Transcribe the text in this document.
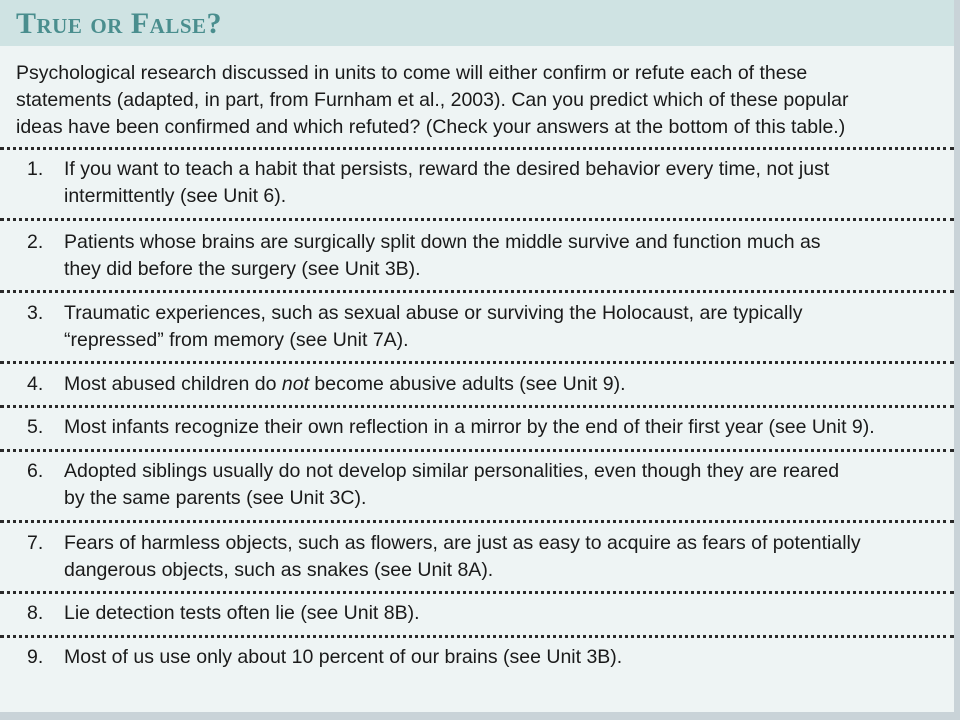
True or False?
Psychological research discussed in units to come will either confirm or refute each of these
statements (adapted, in part, from Furnham et al., 2003). Can you predict which of these popular
ideas have been confirmed and which refuted? (Check your answers at the bottom of this table.)
1. If you want to teach a habit that persists, reward the desired behavior every time, not just
intermittently (see Unit 6).
2. Patients whose brains are surgically split down the middle survive and function much as
they did before the surgery (see Unit 3B).
3. Traumatic experiences, such as sexual abuse or surviving the Holocaust, are typically
“repressed” from memory (see Unit 7A).
4. Most abused children do not become abusive adults (see Unit 9).
5. Most infants recognize their own reflection in a mirror by the end of their first year (see Unit 9).
6. Adopted siblings usually do not develop similar personalities, even though they are reared
by the same parents (see Unit 3C).
7. Fears of harmless objects, such as flowers, are just as easy to acquire as fears of potentially
dangerous objects, such as snakes (see Unit 8A).
8. Lie detection tests often lie (see Unit 8B).
9. Most of us use only about 10 percent of our brains (see Unit 3B).
